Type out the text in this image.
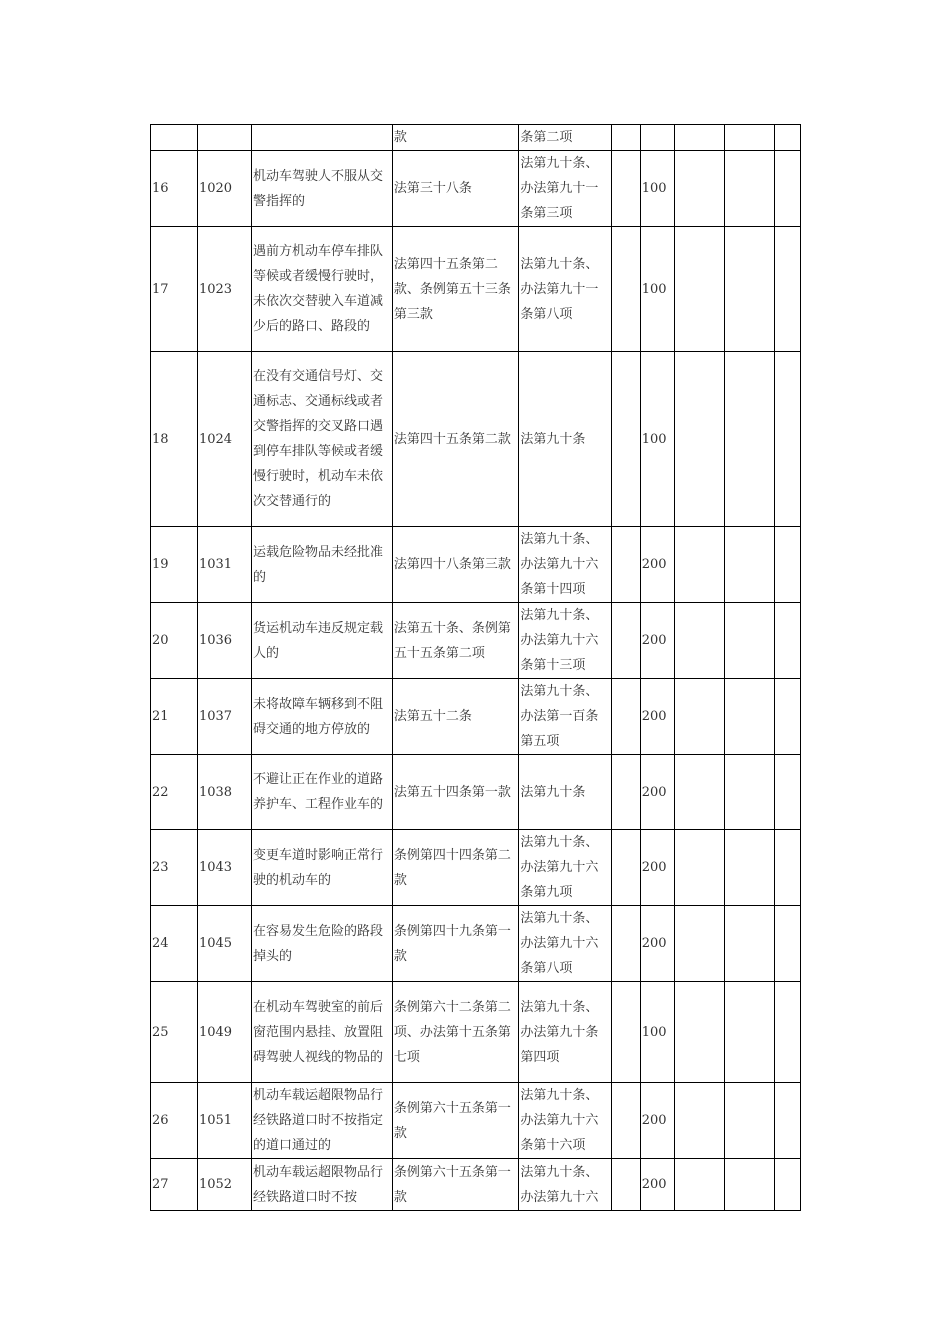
			款	条第二项					
16	1020	机动车驾驶人不服从交警指挥的	法第三十八条	法第九十条、办法第九十一条第三项		100			
17	1023	遇前方机动车停车排队等候或者缓慢行驶时，未依次交替驶入车道减少后的路口、路段的	法第四十五条第二款、条例第五十三条第三款	法第九十条、办法第九十一条第八项		100			
18	1024	在没有交通信号灯、交通标志、交通标线或者交警指挥的交叉路口遇到停车排队等候或者缓慢行驶时，机动车未依次交替通行的	法第四十五条第二款	法第九十条		100			
19	1031	运载危险物品未经批准的	法第四十八条第三款	法第九十条、办法第九十六条第十四项		200			
20	1036	货运机动车违反规定载人的	法第五十条、条例第五十五条第二项	法第九十条、办法第九十六条第十三项		200			
21	1037	未将故障车辆移到不阻碍交通的地方停放的	法第五十二条	法第九十条、办法第一百条第五项		200			
22	1038	不避让正在作业的道路养护车、工程作业车的	法第五十四条第一款	法第九十条		200			
23	1043	变更车道时影响正常行驶的机动车的	条例第四十四条第二款	法第九十条、办法第九十六条第九项		200			
24	1045	在容易发生危险的路段掉头的	条例第四十九条第一款	法第九十条、办法第九十六条第八项		200			
25	1049	在机动车驾驶室的前后窗范围内悬挂、放置阻碍驾驶人视线的物品的	条例第六十二条第二项、办法第十五条第七项	法第九十条、办法第九十条第四项		100			
26	1051	机动车载运超限物品行经铁路道口时不按指定的道口通过的	条例第六十五条第一款	法第九十条、办法第九十六条第十六项		200			
27	1052	机动车载运超限物品行经铁路道口时不按	条例第六十五条第一款	法第九十条、办法第九十六		200			
